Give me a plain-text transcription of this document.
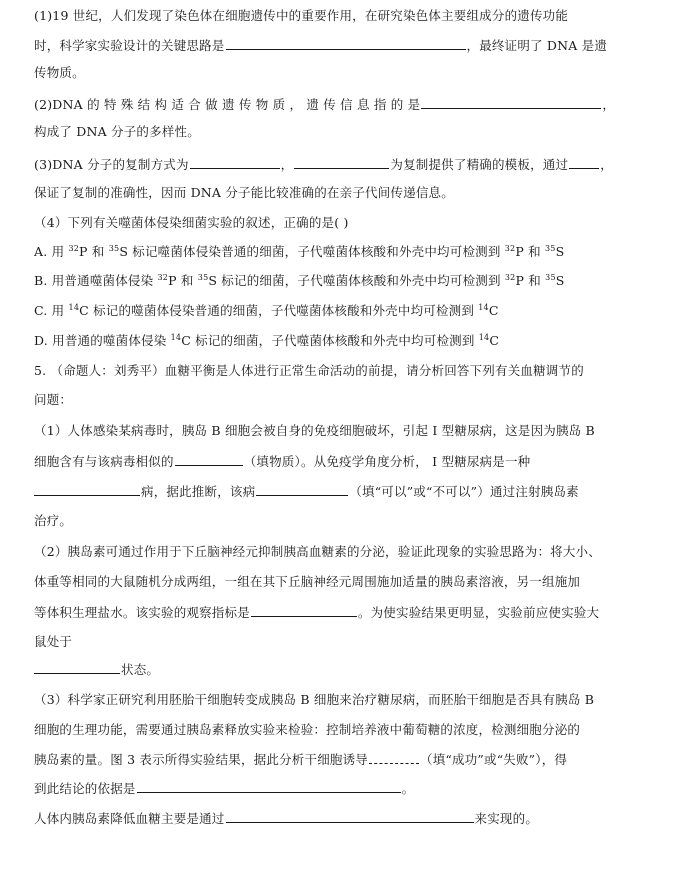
(1)19 世纪，人们发现了染色体在细胞遗传中的重要作用，在研究染色体主要组成分的遗传功能
时，科学家实验设计的关键思路是	，最终证明了 DNA 是遗
传物质。
(2)DNA 的 特 殊 结 构 适 合 做 遗 传 物 质 ， 遗 传 信 息 指 的 是	，
构成了 DNA 分子的多样性。
(3)DNA 分子的复制方式为	，	为复制提供了精确的模板，通过	，
保证了复制的准确性，因而 DNA 分子能比较准确的在亲子代间传递信息。
（4）下列有关噬菌体侵染细菌实验的叙述，正确的是( )
A. 用 $^{32}$P 和 $^{35}$S 标记噬菌体侵染普通的细菌，子代噬菌体核酸和外壳中均可检测到 $^{32}$P 和 $^{35}$S
B. 用普通噬菌体侵染 $^{32}$P 和 $^{35}$S 标记的细菌，子代噬菌体核酸和外壳中均可检测到 $^{32}$P 和 $^{35}$S
C. 用 $^{14}$C 标记的噬菌体侵染普通的细菌，子代噬菌体核酸和外壳中均可检测到 $^{14}$C
D. 用普通的噬菌体侵染 $^{14}$C 标记的细菌，子代噬菌体核酸和外壳中均可检测到 $^{14}$C
5. （命题人：刘秀平）血糖平衡是人体进行正常生命活动的前提，请分析回答下列有关血糖调节的
问题：
（1）人体感染某病毒时，胰岛 B 细胞会被自身的免疫细胞破坏，引起 I 型糖尿病，这是因为胰岛 B
细胞含有与该病毒相似的	（填物质）。从免疫学角度分析， I 型糖尿病是一种
病，据此推断，该病	（填“可以”或“不可以”）通过注射胰岛素
治疗。
（2）胰岛素可通过作用于下丘脑神经元抑制胰高血糖素的分泌，验证此现象的实验思路为：将大小、
体重等相同的大鼠随机分成两组，一组在其下丘脑神经元周围施加适量的胰岛素溶液，另一组施加
等体积生理盐水。该实验的观察指标是	。为使实验结果更明显，实验前应使实验大
鼠处于
状态。
（3）科学家正研究利用胚胎干细胞转变成胰岛 B 细胞来治疗糖尿病，而胚胎干细胞是否具有胰岛 B
细胞的生理功能，需要通过胰岛素释放实验来检验：控制培养液中葡萄糖的浓度，检测细胞分泌的
胰岛素的量。图 3 表示所得实验结果，据此分析干细胞诱导	（填“成功”或“失败”），得
到此结论的依据是	。
人体内胰岛素降低血糖主要是通过	来实现的。
